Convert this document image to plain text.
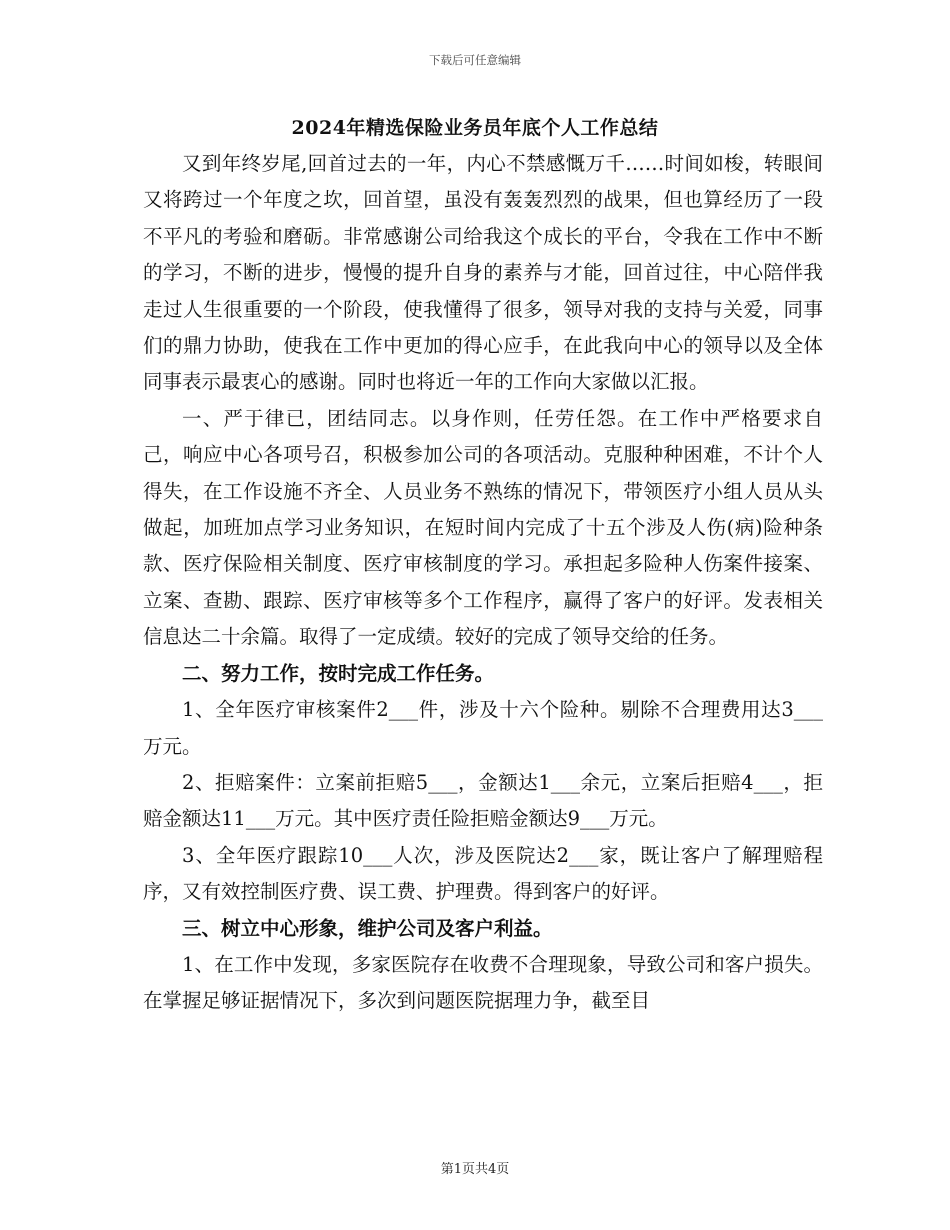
下载后可任意编辑
2024年精选保险业务员年底个人工作总结

又到年终岁尾,回首过去的一年，内心不禁感慨万千……时间如梭，转眼间又将跨过一个年度之坎，回首望，虽没有轰轰烈烈的战果，但也算经历了一段不平凡的考验和磨砺。非常感谢公司给我这个成长的平台，令我在工作中不断的学习，不断的进步，慢慢的提升自身的素养与才能，回首过往，中心陪伴我走过人生很重要的一个阶段，使我懂得了很多，领导对我的支持与关爱，同事们的鼎力协助，使我在工作中更加的得心应手，在此我向中心的领导以及全体同事表示最衷心的感谢。同时也将近一年的工作向大家做以汇报。

一、严于律已，团结同志。以身作则，任劳任怨。在工作中严格要求自己，响应中心各项号召，积极参加公司的各项活动。克服种种困难，不计个人得失，在工作设施不齐全、人员业务不熟练的情况下，带领医疗小组人员从头做起，加班加点学习业务知识，在短时间内完成了十五个涉及人伤(病)险种条款、医疗保险相关制度、医疗审核制度的学习。承担起多险种人伤案件接案、立案、查勘、跟踪、医疗审核等多个工作程序，赢得了客户的好评。发表相关信息达二十余篇。取得了一定成绩。较好的完成了领导交给的任务。

二、努力工作，按时完成工作任务。

1、全年医疗审核案件2___件，涉及十六个险种。剔除不合理费用达3___万元。

2、拒赔案件：立案前拒赔5___，金额达1___余元，立案后拒赔4___，拒赔金额达11___万元。其中医疗责任险拒赔金额达9___万元。

3、全年医疗跟踪10___人次，涉及医院达2___家，既让客户了解理赔程序，又有效控制医疗费、误工费、护理费。得到客户的好评。

三、树立中心形象，维护公司及客户利益。

1、在工作中发现，多家医院存在收费不合理现象，导致公司和客户损失。在掌握足够证据情况下，多次到问题医院据理力争，截至目

第1页共4页
